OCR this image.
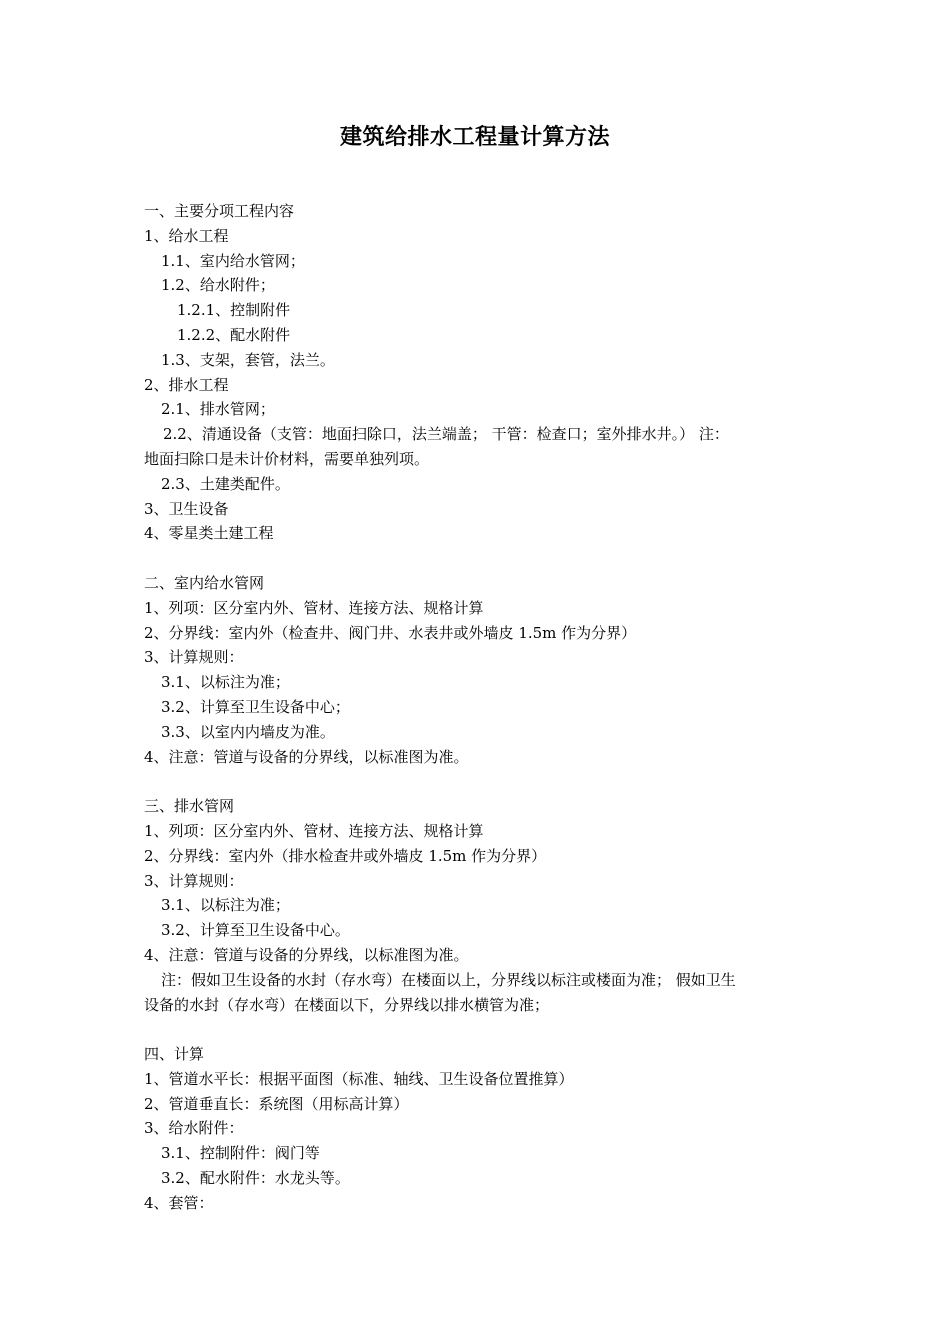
建筑给排水工程量计算方法
一、主要分项工程内容
1、给水工程
1.1、室内给水管网；
1.2、给水附件；
1.2.1、控制附件
1.2.2、配水附件
1.3、支架，套管，法兰。
2、排水工程
2.1、排水管网；
2.2、清通设备（支管：地面扫除口，法兰端盖； 干管：检查口；室外排水井。） 注：
地面扫除口是未计价材料，需要单独列项。
2.3、土建类配件。
3、卫生设备
4、零星类土建工程
二、室内给水管网
1、列项：区分室内外、管材、连接方法、规格计算
2、分界线：室内外（检查井、阀门井、水表井或外墙皮 1.5m 作为分界）
3、计算规则：
3.1、以标注为准；
3.2、计算至卫生设备中心；
3.3、以室内内墙皮为准。
4、注意：管道与设备的分界线，以标准图为准。
三、排水管网
1、列项：区分室内外、管材、连接方法、规格计算
2、分界线：室内外（排水检查井或外墙皮 1.5m 作为分界）
3、计算规则：
3.1、以标注为准；
3.2、计算至卫生设备中心。
4、注意：管道与设备的分界线，以标准图为准。
注：假如卫生设备的水封（存水弯）在楼面以上，分界线以标注或楼面为准； 假如卫生
设备的水封（存水弯）在楼面以下，分界线以排水横管为准；
四、计算
1、管道水平长：根据平面图（标准、轴线、卫生设备位置推算）
2、管道垂直长：系统图（用标高计算）
3、给水附件：
3.1、控制附件：阀门等
3.2、配水附件：水龙头等。
4、套管：
